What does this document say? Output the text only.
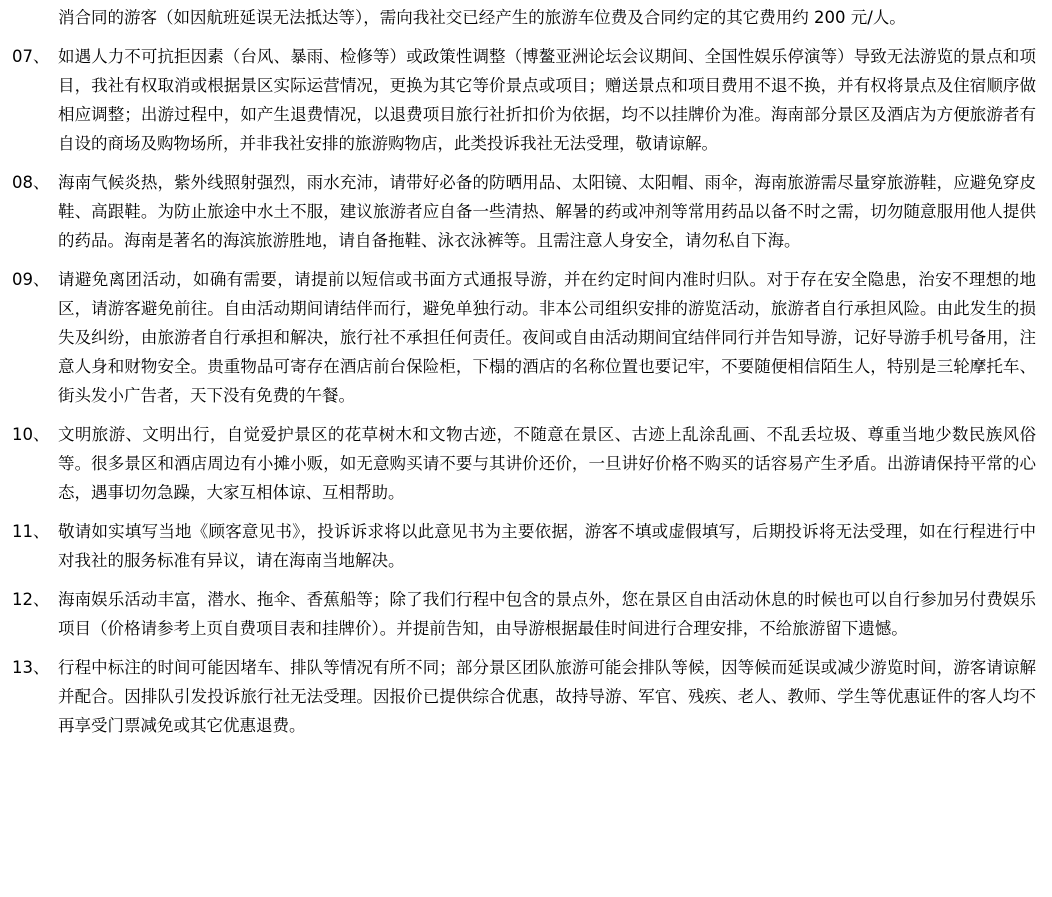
消合同的游客（如因航班延误无法抵达等），需向我社交已经产生的旅游车位费及合同约定的其它费用约 200 元/人。
07、 如遇人力不可抗拒因素（台风、暴雨、检修等）或政策性调整（博鳌亚洲论坛会议期间、全国性娱乐停演等）导致无法游览的景点和项目，我社有权取消或根据景区实际运营情况，更换为其它等价景点或项目；赠送景点和项目费用不退不换，并有权将景点及住宿顺序做相应调整；出游过程中，如产生退费情况，以退费项目旅行社折扣价为依据，均不以挂牌价为准。海南部分景区及酒店为方便旅游者有自设的商场及购物场所，并非我社安排的旅游购物店，此类投诉我社无法受理，敬请谅解。
08、 海南气候炎热，紫外线照射强烈，雨水充沛，请带好必备的防晒用品、太阳镜、太阳帽、雨伞，海南旅游需尽量穿旅游鞋，应避免穿皮鞋、高跟鞋。为防止旅途中水土不服，建议旅游者应自备一些清热、解暑的药或冲剂等常用药品以备不时之需，切勿随意服用他人提供的药品。海南是著名的海滨旅游胜地，请自备拖鞋、泳衣泳裤等。且需注意人身安全，请勿私自下海。
09、 请避免离团活动，如确有需要，请提前以短信或书面方式通报导游，并在约定时间内准时归队。对于存在安全隐患，治安不理想的地区，请游客避免前往。自由活动期间请结伴而行，避免单独行动。非本公司组织安排的游览活动，旅游者自行承担风险。由此发生的损失及纠纷，由旅游者自行承担和解决，旅行社不承担任何责任。夜间或自由活动期间宜结伴同行并告知导游，记好导游手机号备用，注意人身和财物安全。贵重物品可寄存在酒店前台保险柜，下榻的酒店的名称位置也要记牢，不要随便相信陌生人，特别是三轮摩托车、街头发小广告者，天下没有免费的午餐。
10、 文明旅游、文明出行，自觉爱护景区的花草树木和文物古迹，不随意在景区、古迹上乱涂乱画、不乱丢垃圾、尊重当地少数民族风俗等。很多景区和酒店周边有小摊小贩，如无意购买请不要与其讲价还价，一旦讲好价格不购买的话容易产生矛盾。出游请保持平常的心态，遇事切勿急躁，大家互相体谅、互相帮助。
11、 敬请如实填写当地《顾客意见书》，投诉诉求将以此意见书为主要依据，游客不填或虚假填写，后期投诉将无法受理，如在行程进行中对我社的服务标准有异议，请在海南当地解决。
12、 海南娱乐活动丰富，潜水、拖伞、香蕉船等；除了我们行程中包含的景点外，您在景区自由活动休息的时候也可以自行参加另付费娱乐项目（价格请参考上页自费项目表和挂牌价）。并提前告知，由导游根据最佳时间进行合理安排，不给旅游留下遗憾。
13、 行程中标注的时间可能因堵车、排队等情况有所不同；部分景区团队旅游可能会排队等候，因等候而延误或减少游览时间，游客请谅解并配合。因排队引发投诉旅行社无法受理。因报价已提供综合优惠，故持导游、军官、残疾、老人、教师、学生等优惠证件的客人均不再享受门票减免或其它优惠退费。
